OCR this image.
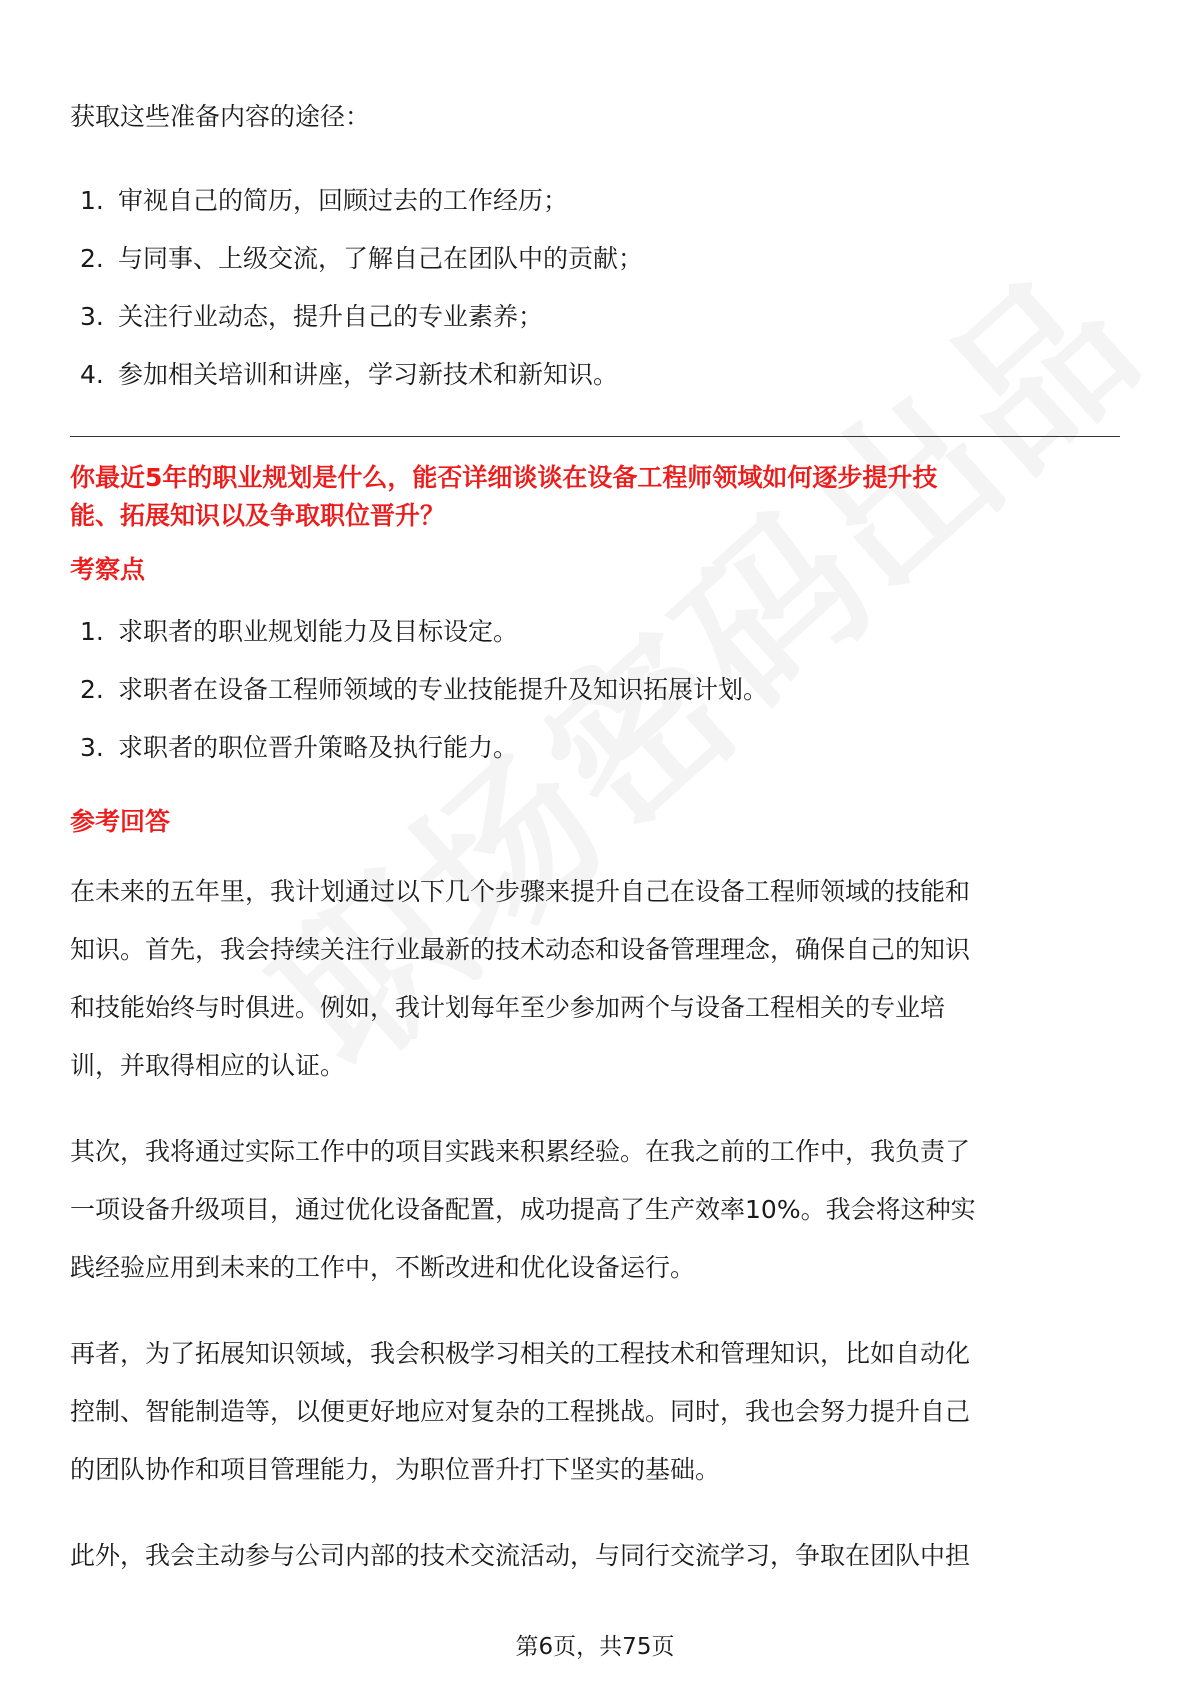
获取这些准备内容的途径：

1. 审视自己的简历，回顾过去的工作经历；
2. 与同事、上级交流，了解自己在团队中的贡献；
3. 关注行业动态，提升自己的专业素养；
4. 参加相关培训和讲座，学习新技术和新知识。
你最近5年的职业规划是什么，能否详细谈谈在设备工程师领域如何逐步提升技
能、拓展知识以及争取职位晋升？
考察点
1. 求职者的职业规划能力及目标设定。
2. 求职者在设备工程师领域的专业技能提升及知识拓展计划。
3. 求职者的职位晋升策略及执行能力。
参考回答
在未来的五年里，我计划通过以下几个步骤来提升自己在设备工程师领域的技能和
知识。首先，我会持续关注行业最新的技术动态和设备管理理念，确保自己的知识
和技能始终与时俱进。例如，我计划每年至少参加两个与设备工程相关的专业培
训，并取得相应的认证。
其次，我将通过实际工作中的项目实践来积累经验。在我之前的工作中，我负责了
一项设备升级项目，通过优化设备配置，成功提高了生产效率10%。我会将这种实
践经验应用到未来的工作中，不断改进和优化设备运行。
再者，为了拓展知识领域，我会积极学习相关的工程技术和管理知识，比如自动化
控制、智能制造等，以便更好地应对复杂的工程挑战。同时，我也会努力提升自己
的团队协作和项目管理能力，为职位晋升打下坚实的基础。
此外，我会主动参与公司内部的技术交流活动，与同行交流学习，争取在团队中担
第6页，共75页
